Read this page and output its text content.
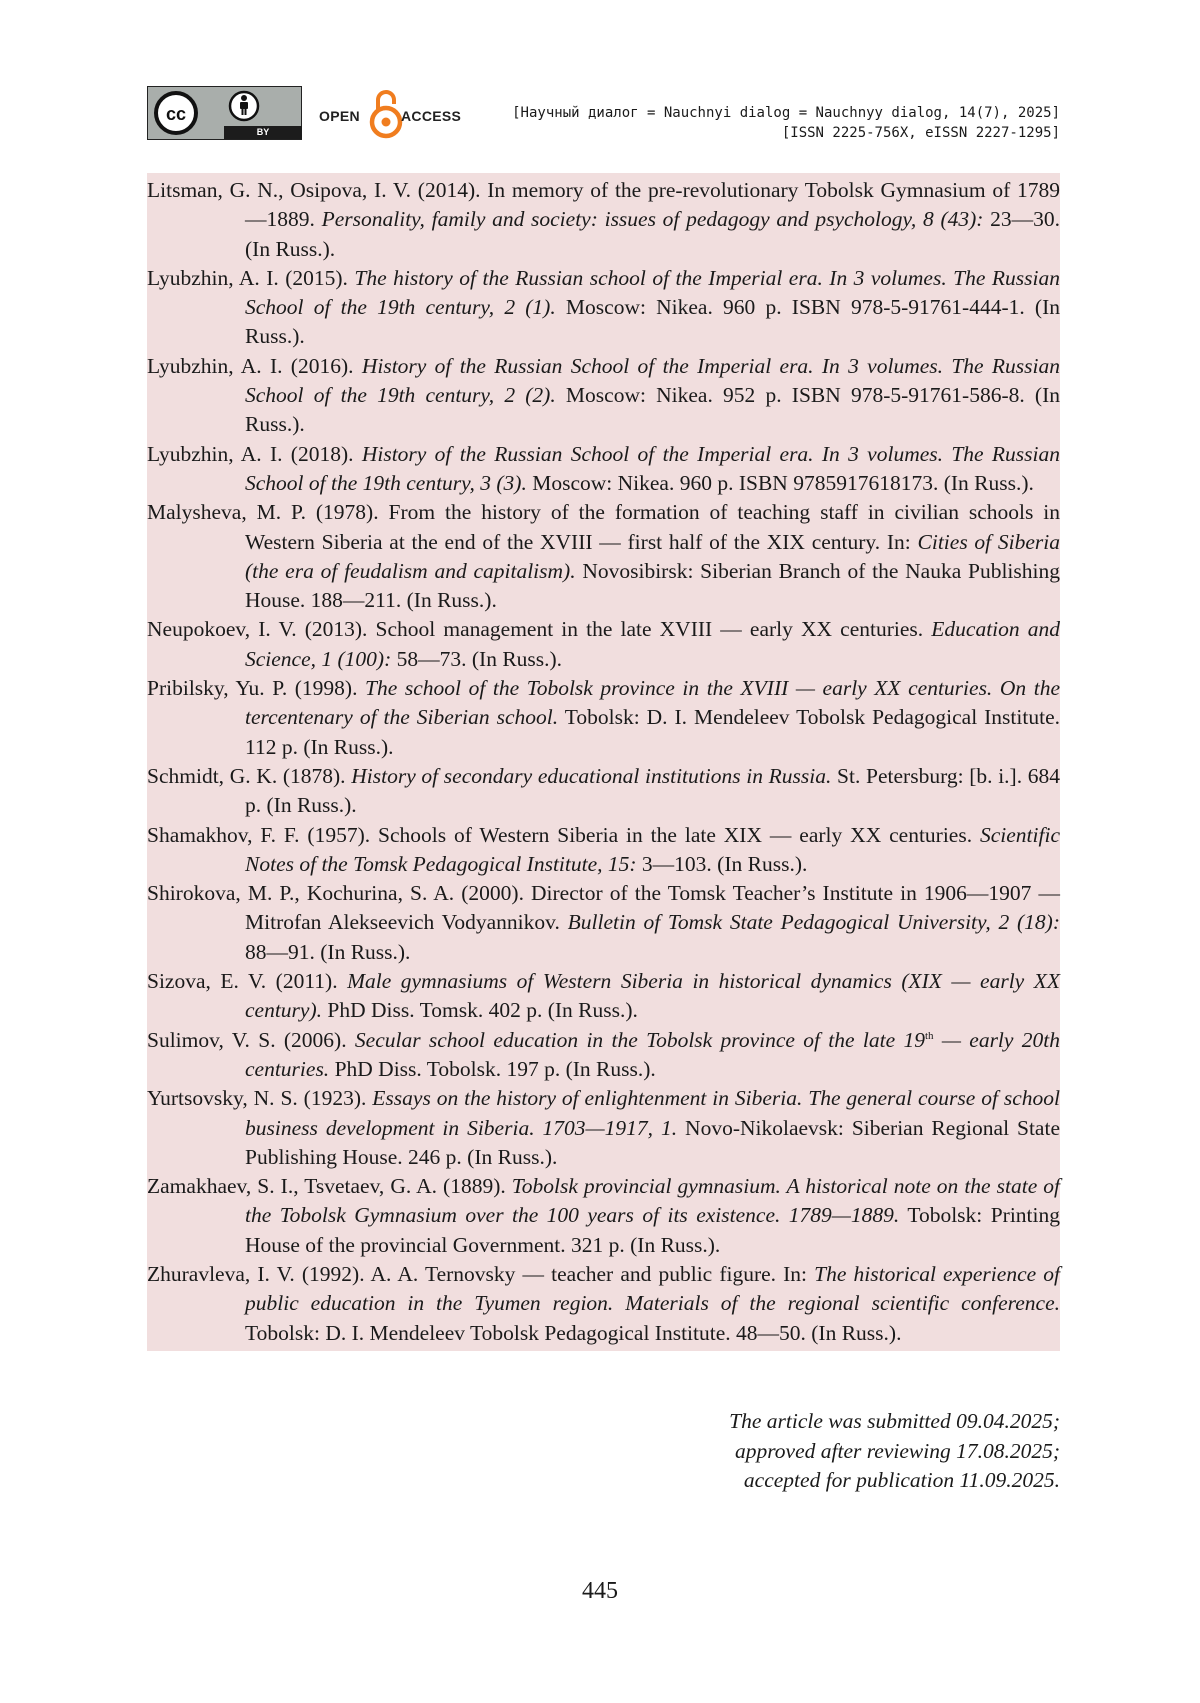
cc
BY
OPEN	ACCESS	[Научный диалог = Nauchnyi dialog = Nauchnyy dialog, 14(7), 2025]
[ISSN 2225-756X, eISSN 2227-1295]
Litsman, G. N., Osipova, I. V. (2014). In memory of the pre-revolutionary Tobolsk Gymnasium of 1789—1889. Personality, family and society: issues of pedagogy and psychology, 8 (43): 23—30. (In Russ.).
Lyubzhin, A. I. (2015). The history of the Russian school of the Imperial era. In 3 volumes. The Russian School of the 19th century, 2 (1). Moscow: Nikea. 960 p. ISBN 978-5-91761-444-1. (In Russ.).
Lyubzhin, A. I. (2016). History of the Russian School of the Imperial era. In 3 volumes. The Russian School of the 19th century, 2 (2). Moscow: Nikea. 952 p. ISBN 978-5-91761-586-8. (In Russ.).
Lyubzhin, A. I. (2018). History of the Russian School of the Imperial era. In 3 volumes. The Russian School of the 19th century, 3 (3). Moscow: Nikea. 960 p. ISBN 9785917618173. (In Russ.).
Malysheva, M. P. (1978). From the history of the formation of teaching staff in civilian schools in Western Siberia at the end of the XVIII — first half of the XIX century. In: Cities of Siberia (the era of feudalism and capitalism). Novosibirsk: Siberian Branch of the Nauka Publishing House. 188—211. (In Russ.).
Neupokoev, I. V. (2013). School management in the late XVIII — early XX centuries. Education and Science, 1 (100): 58—73. (In Russ.).
Pribilsky, Yu. P. (1998). The school of the Tobolsk province in the XVIII — early XX centuries. On the tercentenary of the Siberian school. Tobolsk: D. I. Mendeleev Tobolsk Pedagogical Institute. 112 p. (In Russ.).
Schmidt, G. K. (1878). History of secondary educational institutions in Russia. St. Petersburg: [b. i.]. 684 p. (In Russ.).
Shamakhov, F. F. (1957). Schools of Western Siberia in the late XIX — early XX centuries. Scientific Notes of the Tomsk Pedagogical Institute, 15: 3—103. (In Russ.).
Shirokova, M. P., Kochurina, S. A. (2000). Director of the Tomsk Teacher’s Institute in 1906—1907 — Mitrofan Alekseevich Vodyannikov. Bulletin of Tomsk State Pedagogical University, 2 (18): 88—91. (In Russ.).
Sizova, E. V. (2011). Male gymnasiums of Western Siberia in historical dynamics (XIX — early XX century). PhD Diss. Tomsk. 402 p. (In Russ.).
Sulimov, V. S. (2006). Secular school education in the Tobolsk province of the late 19th — early 20th centuries. PhD Diss. Tobolsk. 197 p. (In Russ.).
Yurtsovsky, N. S. (1923). Essays on the history of enlightenment in Siberia. The general course of school business development in Siberia. 1703—1917, 1. Novo-Nikolaevsk: Siberian Regional State Publishing House. 246 p. (In Russ.).
Zamakhaev, S. I., Tsvetaev, G. A. (1889). Tobolsk provincial gymnasium. A historical note on the state of the Tobolsk Gymnasium over the 100 years of its existence. 1789—1889. Tobolsk: Printing House of the provincial Government. 321 p. (In Russ.).
Zhuravleva, I. V. (1992). A. A. Ternovsky — teacher and public figure. In: The historical experience of public education in the Tyumen region. Materials of the regional scientific conference. Tobolsk: D. I. Mendeleev Tobolsk Pedagogical Institute. 48—50. (In Russ.).
The article was submitted 09.04.2025;
approved after reviewing 17.08.2025;
accepted for publication 11.09.2025.
445
